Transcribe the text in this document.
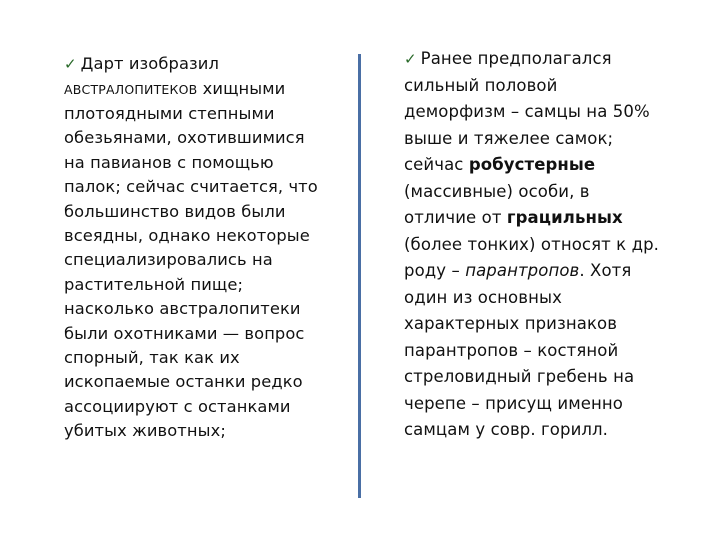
✓ Дарт изобразил
АВСТРАЛОПИТЕКОВ хищными
плотоядными степными
обезьянами, охотившимися
на павианов с помощью
палок; сейчас считается, что
большинство видов были
всеядны, однако некоторые
специализировались на
растительной пище;
насколько австралопитеки
были охотниками — вопрос
спорный, так как их
ископаемые останки редко
ассоциируют с останками
убитых животных;
✓ Ранее предполагался
сильный половой
деморфизм – самцы на 50%
выше и тяжелее самок;
сейчас робустерные
(массивные) особи, в
отличие от грацильных
(более тонких) относят к др.
роду – парантропов. Хотя
один из основных
характерных признаков
парантропов – костяной
стреловидный гребень на
черепе – присущ именно
самцам у совр. горилл.
